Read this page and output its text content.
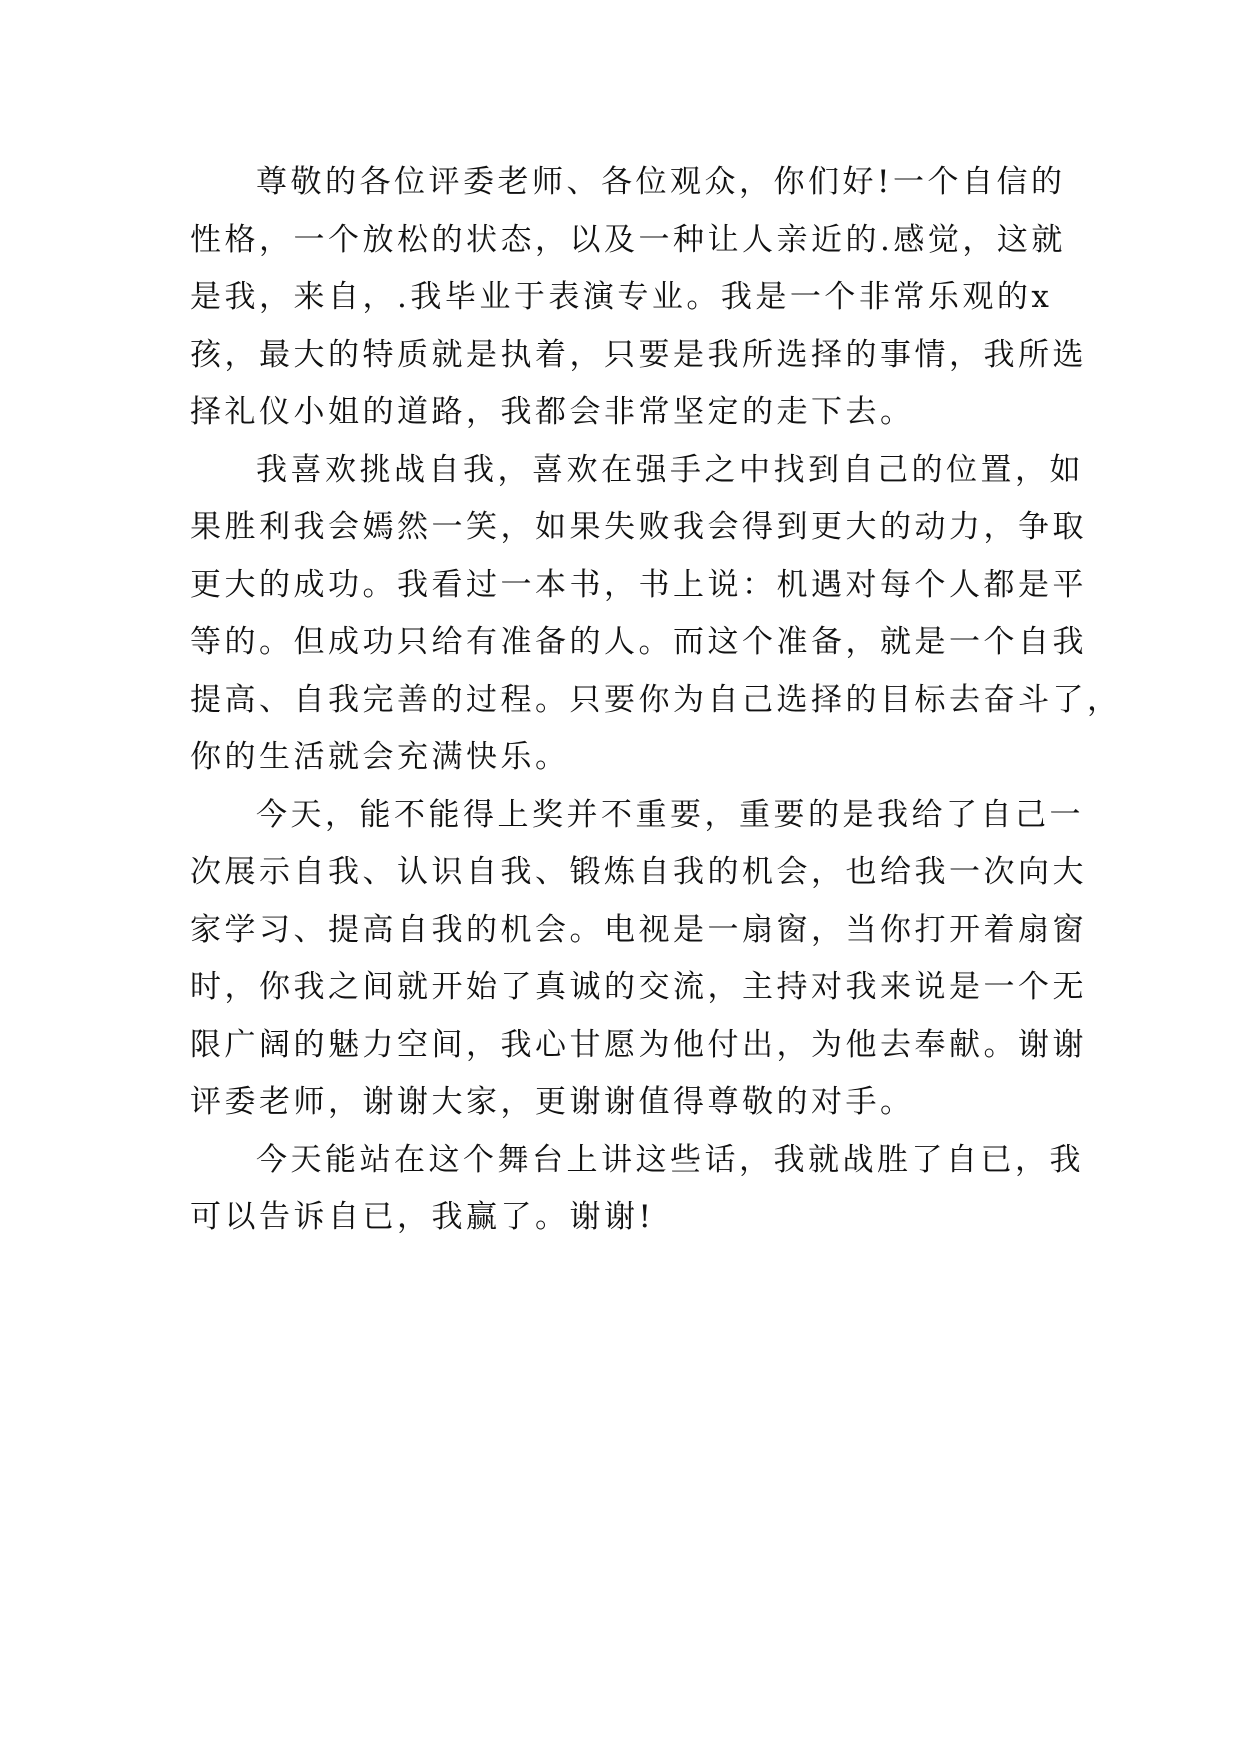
尊敬的各位评委老师、各位观众，你们好!一个自信的
性格，一个放松的状态，以及一种让人亲近的.感觉，这就
是我，来自，.我毕业于表演专业。我是一个非常乐观的x
孩，最大的特质就是执着，只要是我所选择的事情，我所选
择礼仪小姐的道路，我都会非常坚定的走下去。

我喜欢挑战自我，喜欢在强手之中找到自己的位置，如
果胜利我会嫣然一笑，如果失败我会得到更大的动力，争取
更大的成功。我看过一本书，书上说：机遇对每个人都是平
等的。但成功只给有准备的人。而这个准备，就是一个自我
提高、自我完善的过程。只要你为自己选择的目标去奋斗了，
你的生活就会充满快乐。

今天，能不能得上奖并不重要，重要的是我给了自己一
次展示自我、认识自我、锻炼自我的机会，也给我一次向大
家学习、提高自我的机会。电视是一扇窗，当你打开着扇窗
时，你我之间就开始了真诚的交流，主持对我来说是一个无
限广阔的魅力空间，我心甘愿为他付出，为他去奉献。谢谢
评委老师，谢谢大家，更谢谢值得尊敬的对手。

今天能站在这个舞台上讲这些话，我就战胜了自已，我
可以告诉自已，我赢了。谢谢!
